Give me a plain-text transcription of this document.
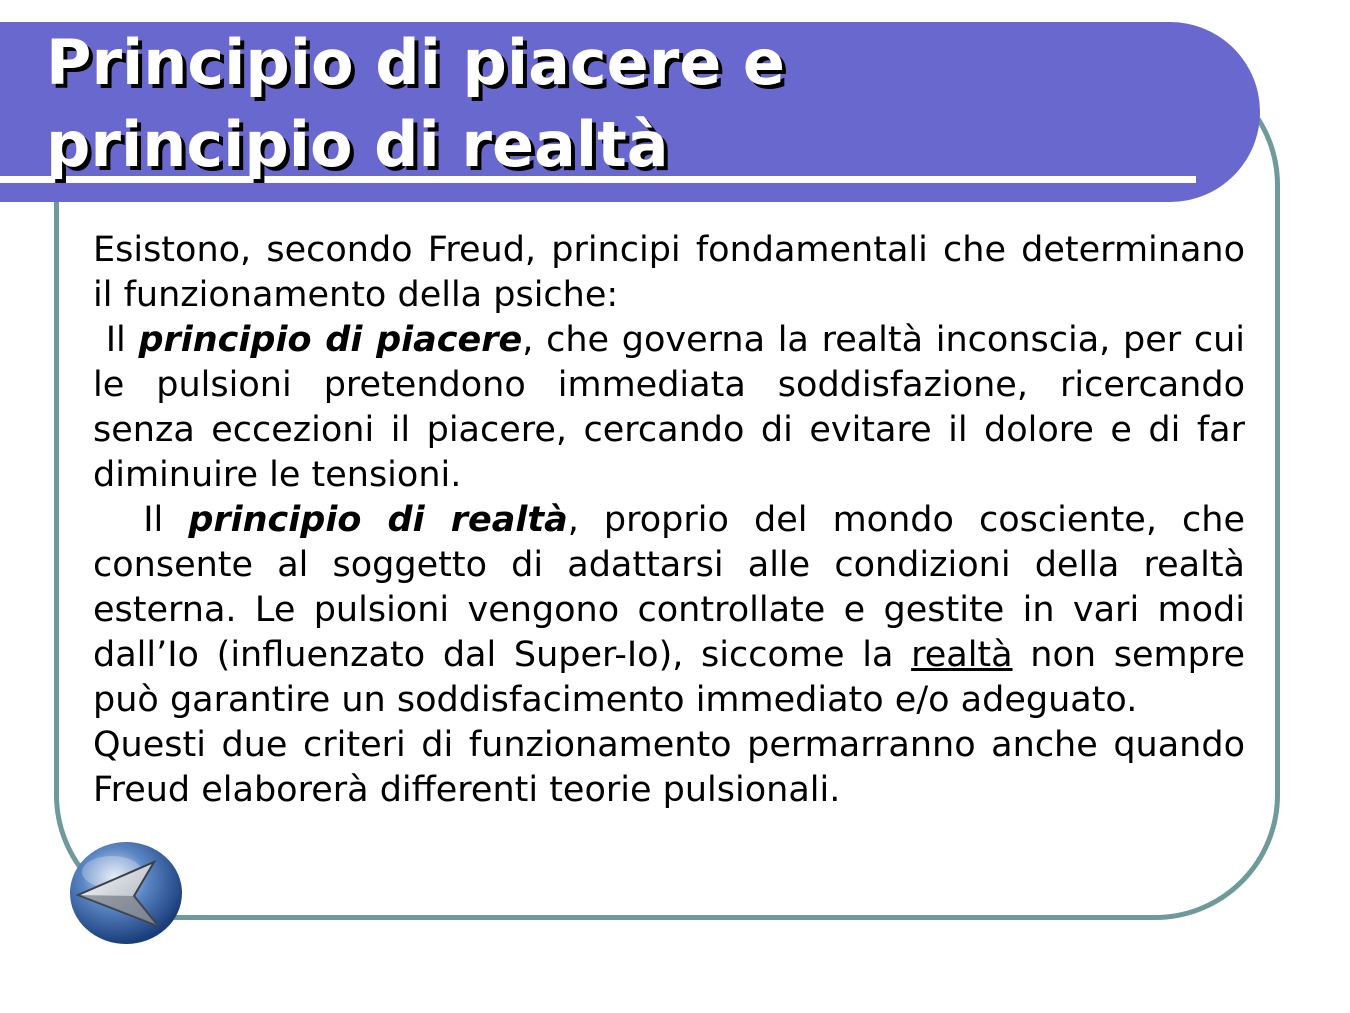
Principio di piacere e
principio di realtà

Esistono, secondo Freud, principi fondamentali che determinano il funzionamento della psiche:

Il principio di piacere, che governa la realtà inconscia, per cui le pulsioni pretendono immediata soddisfazione, ricercando senza eccezioni il piacere, cercando di evitare il dolore e di far diminuire le tensioni.

Il principio di realtà, proprio del mondo cosciente, che consente al soggetto di adattarsi alle condizioni della realtà esterna. Le pulsioni vengono controllate e gestite in vari modi dall’Io (influenzato dal Super-Io), siccome la realtà non sempre può garantire un soddisfacimento immediato e/o adeguato.

Questi due criteri di funzionamento permarranno anche quando Freud elaborerà differenti teorie pulsionali.
